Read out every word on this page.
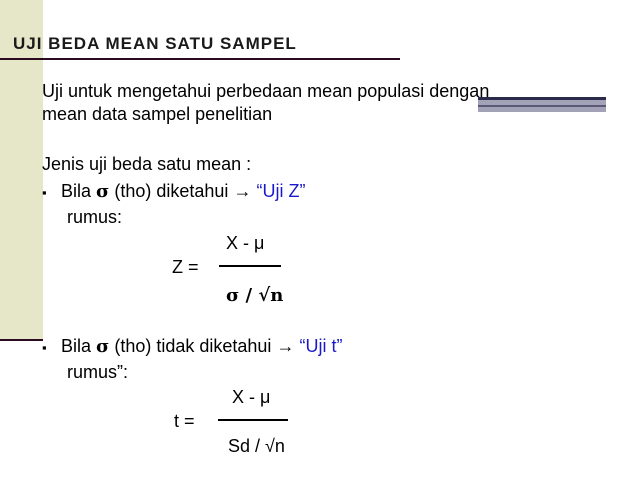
UJI BEDA MEAN SATU SAMPEL
Uji untuk mengetahui perbedaan mean populasi dengan
mean data sampel penelitian
Jenis uji beda satu mean :
▪ Bila σ (tho) diketahui → “Uji Z”
rumus:
X - μ
Z =
σ / √n
▪ Bila σ (tho) tidak diketahui → “Uji t”
rumus”:
X - μ
t =
Sd / √n
